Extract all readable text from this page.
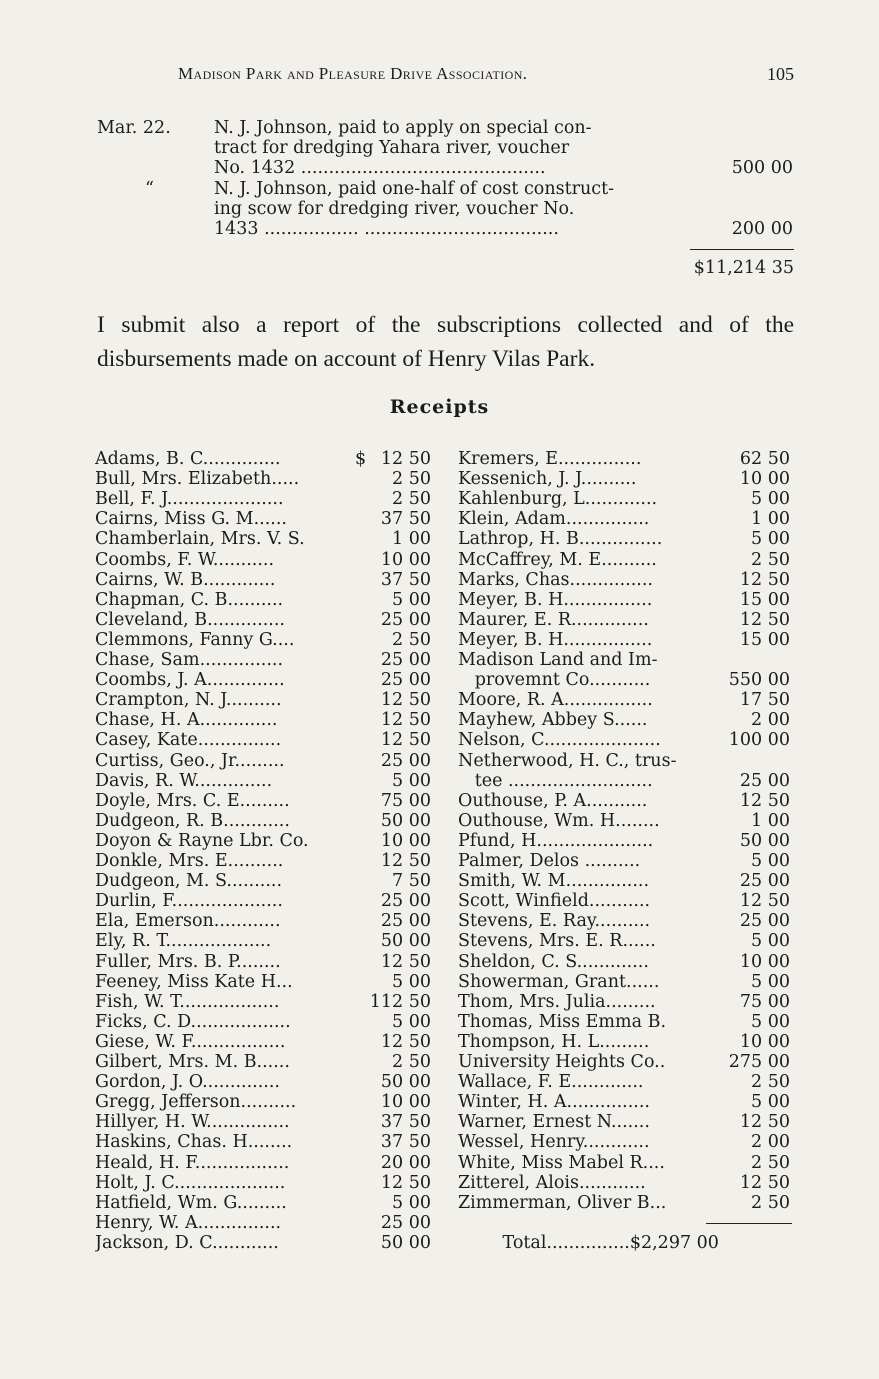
Madison Park and Pleasure Drive Association.	105
Mar. 22. N. J. Johnson, paid to apply on special con-
tract for dredging Yahara river, voucher
No. 1432 ............................................	500 00
“	N. J. Johnson, paid one-half of cost construct-
ing scow for dredging river, voucher No.
1433 ................. ...................................	200 00
$11,214 35
I submit also a report of the subscriptions collected and of the disbursements made on account of Henry Vilas Park.
Receipts
Adams, B. C..............	$ 12 50
Bull, Mrs. Elizabeth.....	2 50
Bell, F. J.....................	2 50
Cairns, Miss G. M......	37 50
Chamberlain, Mrs. V. S.	1 00
Coombs, F. W...........	10 00
Cairns, W. B.............	37 50
Chapman, C. B..........	5 00
Cleveland, B..............	25 00
Clemmons, Fanny G....	2 50
Chase, Sam...............	25 00
Coombs, J. A..............	25 00
Crampton, N. J..........	12 50
Chase, H. A..............	12 50
Casey, Kate...............	12 50
Curtiss, Geo., Jr.........	25 00
Davis, R. W..............	5 00
Doyle, Mrs. C. E.........	75 00
Dudgeon, R. B............	50 00
Doyon & Rayne Lbr. Co.	10 00
Donkle, Mrs. E..........	12 50
Dudgeon, M. S..........	7 50
Durlin, F....................	25 00
Ela, Emerson............	25 00
Ely, R. T...................	50 00
Fuller, Mrs. B. P........	12 50
Feeney, Miss Kate H...	5 00
Fish, W. T..................	112 50
Ficks, C. D..................	5 00
Giese, W. F.................	12 50
Gilbert, Mrs. M. B......	2 50
Gordon, J. O..............	50 00
Gregg, Jefferson..........	10 00
Hillyer, H. W...............	37 50
Haskins, Chas. H........	37 50
Heald, H. F.................	20 00
Holt, J. C....................	12 50
Hatfield, Wm. G.........	5 00
Henry, W. A...............	25 00
Jackson, D. C............	50 00
Kremers, E...............	62 50
Kessenich, J. J..........	10 00
Kahlenburg, L.............	5 00
Klein, Adam...............	1 00
Lathrop, H. B...............	5 00
McCaffrey, M. E..........	2 50
Marks, Chas...............	12 50
Meyer, B. H................	15 00
Maurer, E. R..............	12 50
Meyer, B. H................	15 00
Madison Land and Im-
provemnt Co...........	550 00
Moore, R. A................	17 50
Mayhew, Abbey S......	2 00
Nelson, C.....................	100 00
Netherwood, H. C., trus-
tee ..........................	25 00
Outhouse, P. A...........	12 50
Outhouse, Wm. H........	1 00
Pfund, H.....................	50 00
Palmer, Delos ..........	5 00
Smith, W. M...............	25 00
Scott, Winfield...........	12 50
Stevens, E. Ray..........	25 00
Stevens, Mrs. E. R......	5 00
Sheldon, C. S.............	10 00
Showerman, Grant......	5 00
Thom, Mrs. Julia.........	75 00
Thomas, Miss Emma B.	5 00
Thompson, H. L.........	10 00
University Heights Co..	275 00
Wallace, F. E.............	2 50
Winter, H. A...............	5 00
Warner, Ernest N.......	12 50
Wessel, Henry............	2 00
White, Miss Mabel R....	2 50
Zitterel, Alois............	12 50
Zimmerman, Oliver B...	2 50
Total...............$2,297 00
